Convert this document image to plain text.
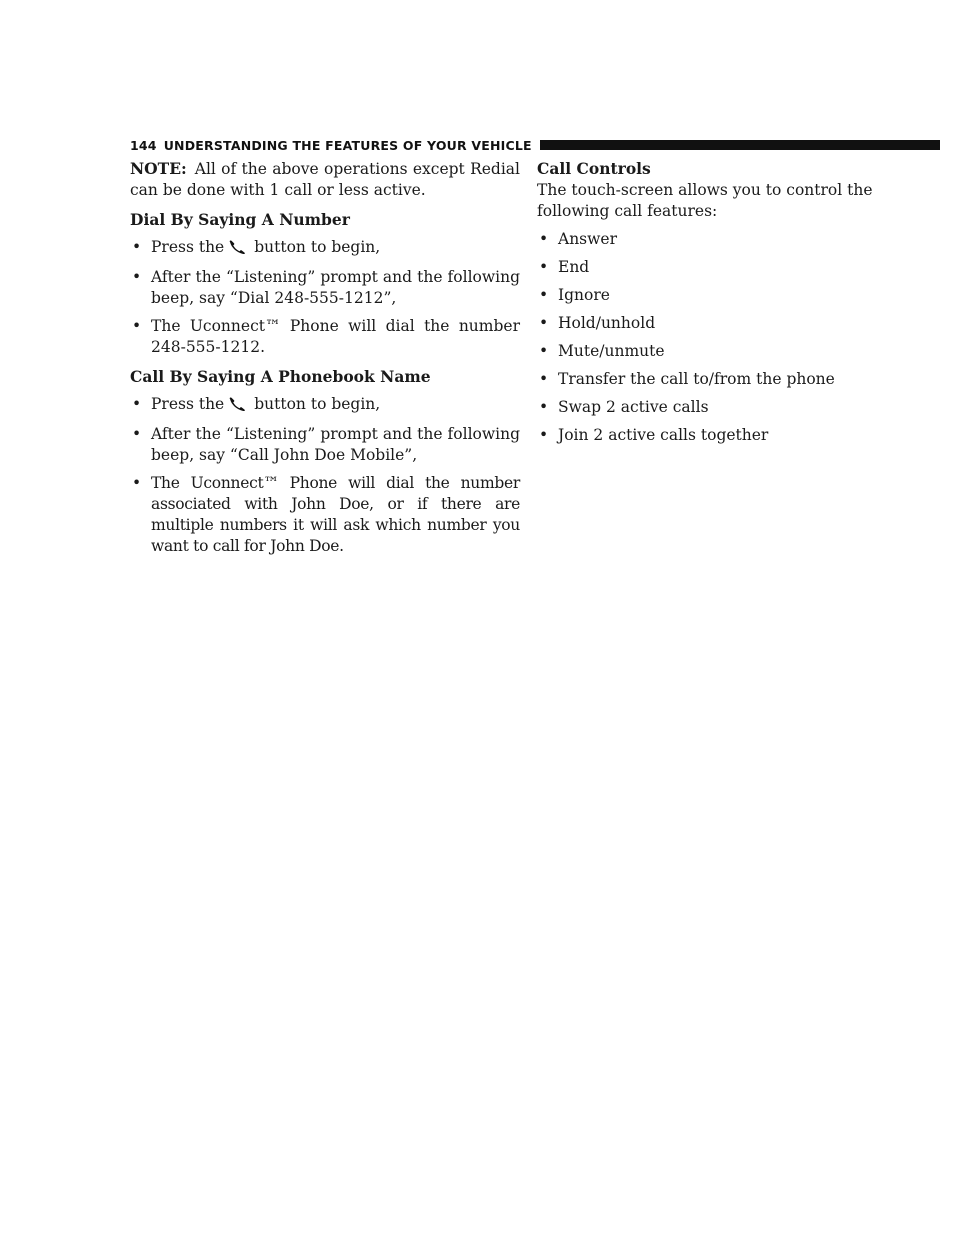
144 UNDERSTANDING THE FEATURES OF YOUR VEHICLE

NOTE: All of the above operations except Redial can be done with 1 call or less active.

Dial By Saying A Number
• Press the button to begin,
• After the “Listening” prompt and the following beep, say “Dial 248-555-1212”,
• The Uconnect™ Phone will dial the number 248-555-1212.
Call By Saying A Phonebook Name
• Press the button to begin,
• After the “Listening” prompt and the following beep, say “Call John Doe Mobile”,
• The Uconnect™ Phone will dial the number associated with John Doe, or if there are multiple numbers it will ask which number you want to call for John Doe.
Call Controls

The touch-screen allows you to control the following call features:

• Answer
• End
• Ignore
• Hold/unhold
• Mute/unmute
• Transfer the call to/from the phone
• Swap 2 active calls
• Join 2 active calls together
